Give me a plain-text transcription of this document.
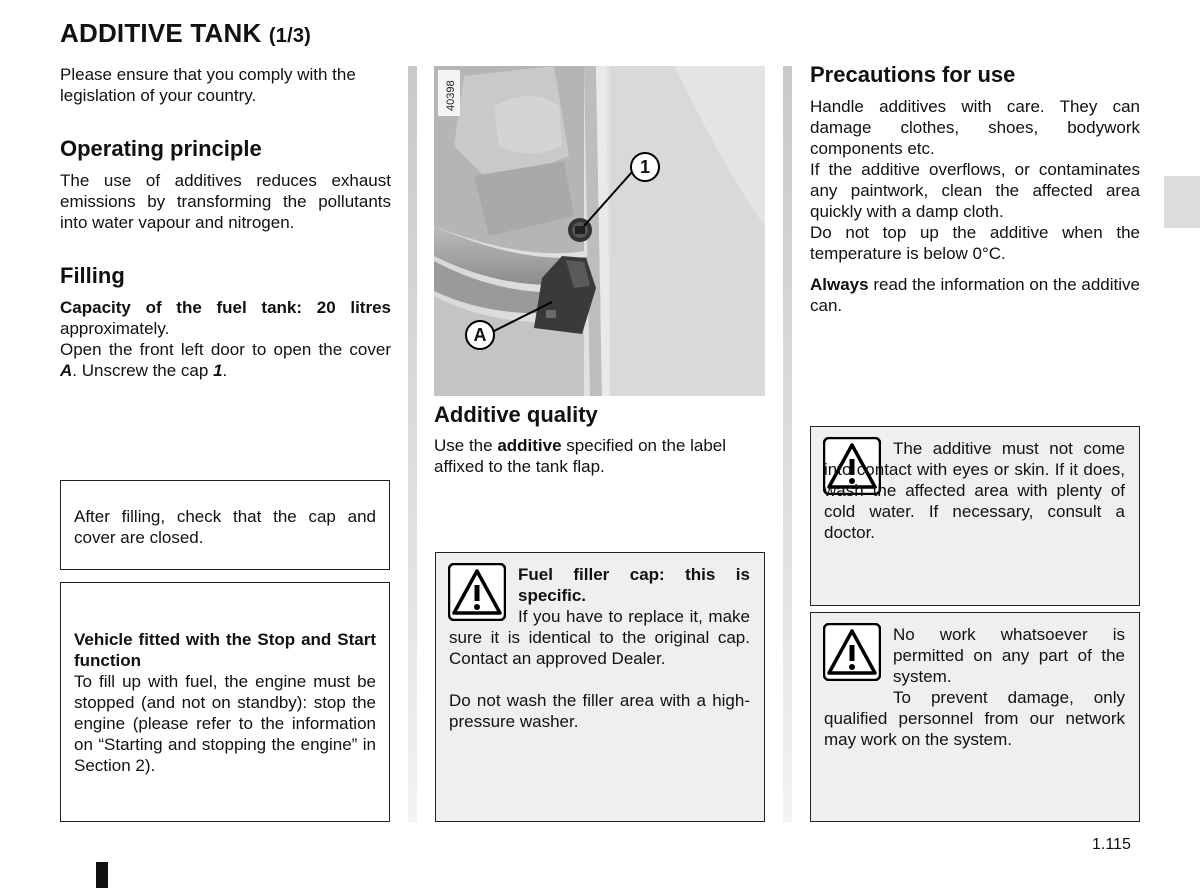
ADDITIVE TANK (1/3)

Please ensure that you comply with the legislation of your country.

Operating principle

The use of additives reduces exhaust emissions by transforming the pollutants into water vapour and nitrogen.

Filling

Capacity of the fuel tank: 20 litres approximately.
Open the front left door to open the cover A. Unscrew the cap 1.

After filling, check that the cap and cover are closed.

Vehicle fitted with the Stop and Start function
To fill up with fuel, the engine must be stopped (and not on standby): stop the engine (please refer to the information on “Starting and stopping the engine” in Section 2).

40398
1
A
Additive quality

Use the additive specified on the label affixed to the tank flap.

Fuel filler cap: this is specific.

If you have to replace it, make sure it is identical to the original cap. Contact an approved Dealer.

Do not wash the filler area with a high-pressure washer.

Precautions for use

Handle additives with care. They can damage clothes, shoes, bodywork components etc.
If the additive overflows, or contaminates any paintwork, clean the affected area quickly with a damp cloth.
Do not top up the additive when the temperature is below 0°C.

Always read the information on the additive can.

The additive must not come into contact with eyes or skin. If it does, wash the affected area with plenty of cold water. If necessary, consult a doctor.

No work whatsoever is permitted on any part of the system.

To prevent damage, only qualified personnel from our network may work on the system.

1.115
